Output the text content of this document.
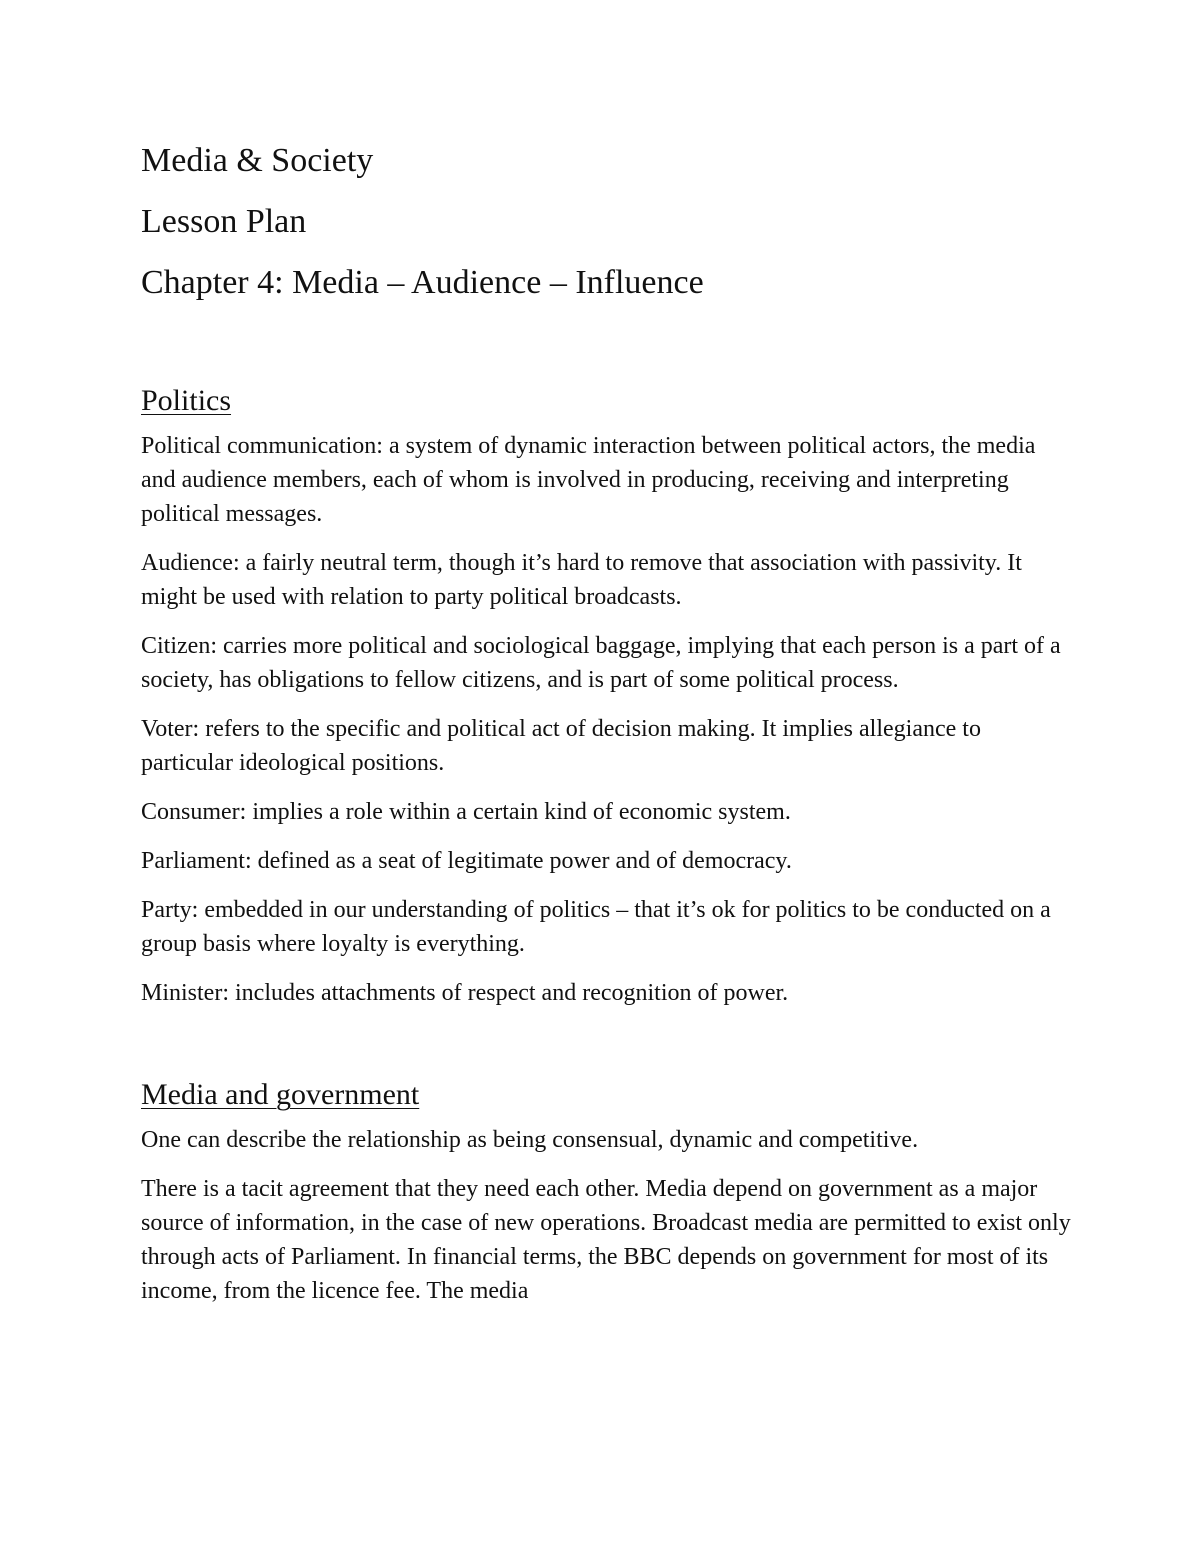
Media & Society
Lesson Plan
Chapter 4: Media – Audience – Influence
Politics

Political communication: a system of dynamic interaction between political actors, the media and audience members, each of whom is involved in producing, receiving and interpreting political messages.

Audience: a fairly neutral term, though it’s hard to remove that association with passivity. It might be used with relation to party political broadcasts.

Citizen: carries more political and sociological baggage, implying that each person is a part of a society, has obligations to fellow citizens, and is part of some political process.

Voter: refers to the specific and political act of decision making. It implies allegiance to particular ideological positions.

Consumer: implies a role within a certain kind of economic system.

Parliament: defined as a seat of legitimate power and of democracy.

Party: embedded in our understanding of politics – that it’s ok for politics to be conducted on a group basis where loyalty is everything.

Minister: includes attachments of respect and recognition of power.

Media and government

One can describe the relationship as being consensual, dynamic and competitive.

There is a tacit agreement that they need each other. Media depend on government as a major source of information, in the case of new operations. Broadcast media are permitted to exist only through acts of Parliament. In financial terms, the BBC depends on government for most of its income, from the licence fee. The media
